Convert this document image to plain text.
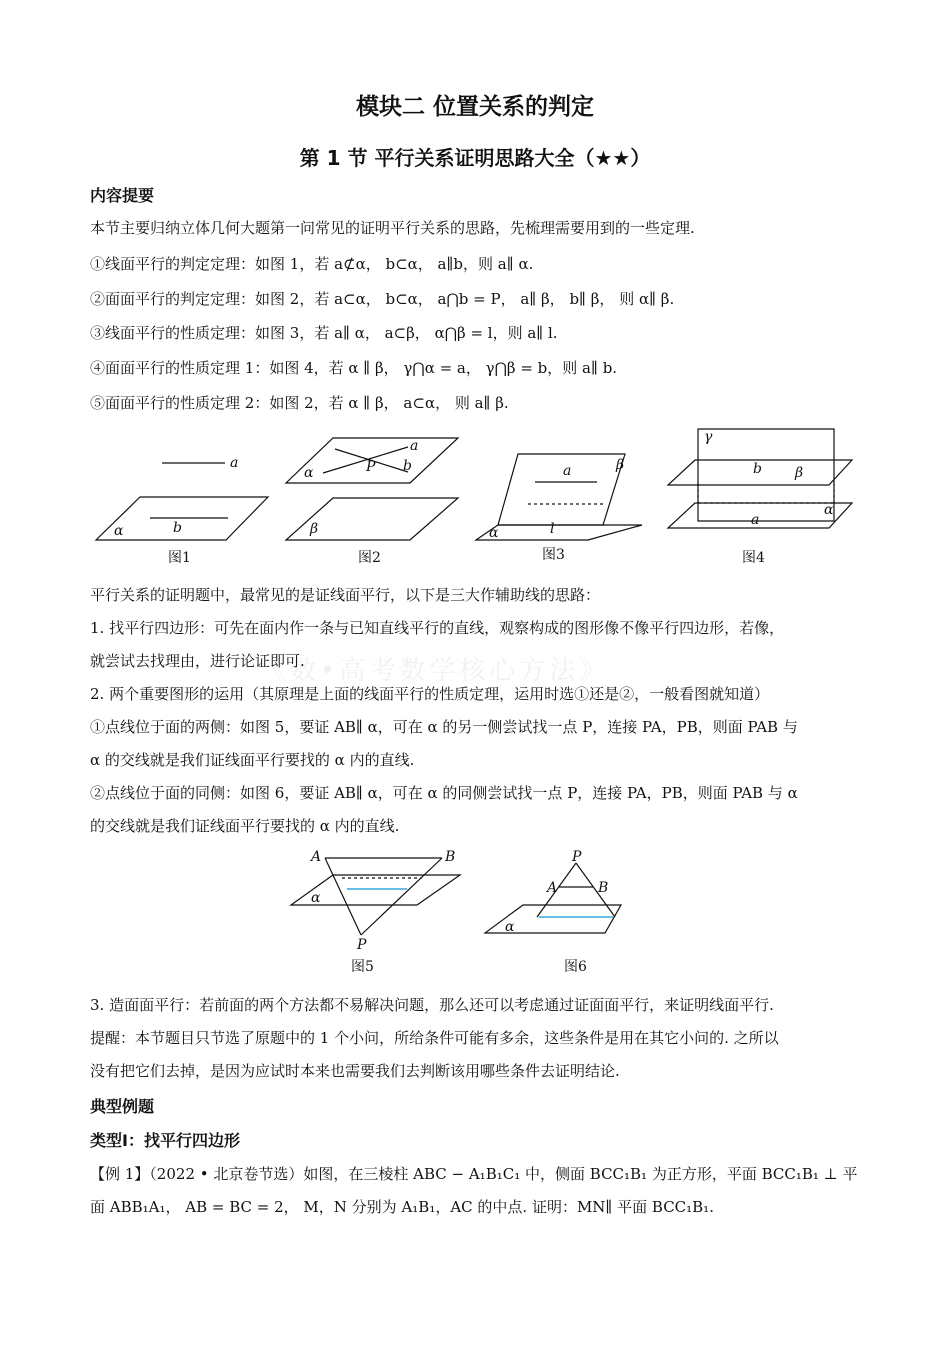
《数•高考数学核心方法》
模块二 位置关系的判定
第 1 节 平行关系证明思路大全（★★）
内容提要
本节主要归纳立体几何大题第一问常见的证明平行关系的思路，先梳理需要用到的一些定理.
①线面平行的判定定理：如图 1，若 a⊄α， b⊂α， a∥b，则 a∥ α.
②面面平行的判定定理：如图 2，若 a⊂α， b⊂α， a⋂b = P， a∥ β， b∥ β， 则 α∥ β.
③线面平行的性质定理：如图 3，若 a∥ α， a⊂β， α⋂β = l，则 a∥ l.
④面面平行的性质定理 1：如图 4，若 α ∥ β， γ⋂α = a， γ⋂β = b，则 a∥ b.
⑤面面平行的性质定理 2：如图 2，若 α ∥ β， a⊂α， 则 a∥ β.
a
b
α
a
b
P
α
β
a	β
l
α
γ
b β
a
α
图1	图2	图3	图4
平行关系的证明题中，最常见的是证线面平行，以下是三大作辅助线的思路：
1. 找平行四边形：可先在面内作一条与已知直线平行的直线，观察构成的图形像不像平行四边形，若像，
就尝试去找理由，进行论证即可.
2. 两个重要图形的运用（其原理是上面的线面平行的性质定理，运用时选①还是②，一般看图就知道）
①点线位于面的两侧：如图 5，要证 AB∥ α，可在 α 的另一侧尝试找一点 P，连接 PA，PB，则面 PAB 与
α 的交线就是我们证线面平行要找的 α 内的直线.
②点线位于面的同侧：如图 6，要证 AB∥ α，可在 α 的同侧尝试找一点 P，连接 PA，PB，则面 PAB 与 α
的交线就是我们证线面平行要找的 α 内的直线.
A	B
P
α
P
A	B
α
图5	图6
3. 造面面平行：若前面的两个方法都不易解决问题，那么还可以考虑通过证面面平行，来证明线面平行.
提醒：本节题目只节选了原题中的 1 个小问，所给条件可能有多余，这些条件是用在其它小问的. 之所以
没有把它们去掉，是因为应试时本来也需要我们去判断该用哪些条件去证明结论.
典型例题
类型Ⅰ：找平行四边形
【例 1】（2022 • 北京卷节选）如图，在三棱柱 ABC − A₁B₁C₁ 中，侧面 BCC₁B₁ 为正方形，平面 BCC₁B₁ ⊥ 平
面 ABB₁A₁， AB = BC = 2， M，N 分别为 A₁B₁，AC 的中点. 证明：MN∥ 平面 BCC₁B₁.
